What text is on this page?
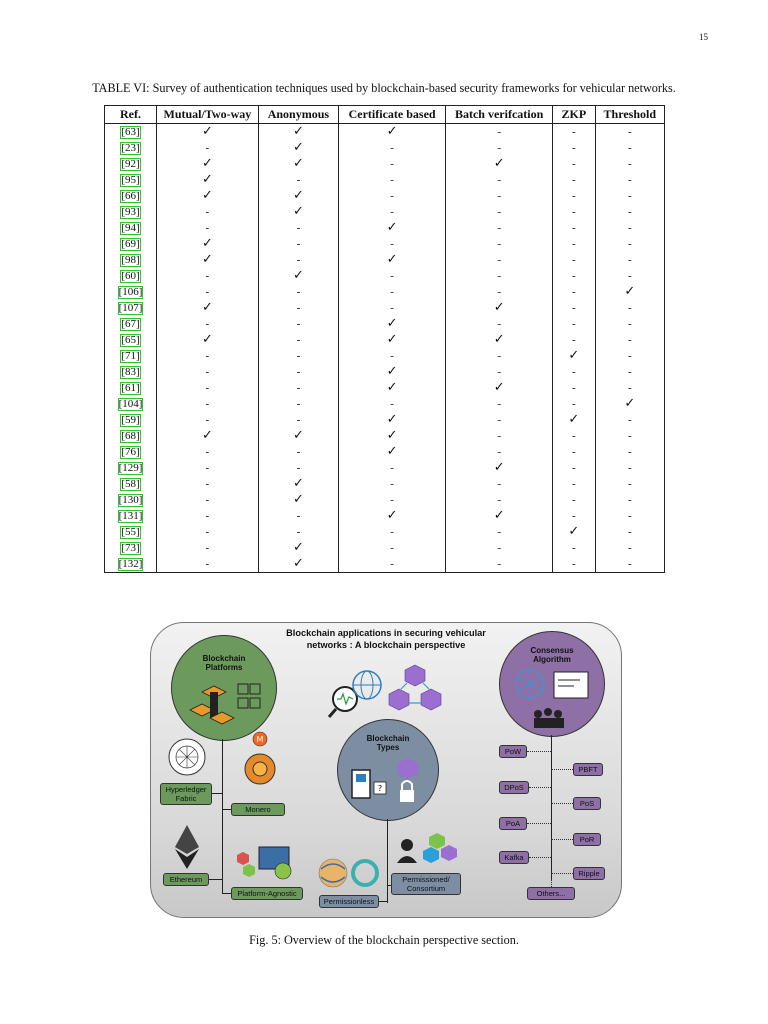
15
TABLE VI: Survey of authentication techniques used by blockchain-based security frameworks for vehicular networks.
Ref.	Mutual/Two-way	Anonymous	Certificate based	Batch verifcation	ZKP	Threshold
[63]	✓	✓	✓	-	-	-
[23]	-	✓	-	-	-	-
[92]	✓	✓	-	✓	-	-
[95]	✓	-	-	-	-	-
[66]	✓	✓	-	-	-	-
[93]	-	✓	-	-	-	-
[94]	-	-	✓	-	-	-
[69]	✓	-	-	-	-	-
[98]	✓	-	✓	-	-	-
[60]	-	✓	-	-	-	-
[106]	-	-	-	-	-	✓
[107]	✓	-	-	✓	-	-
[67]	-	-	✓	-	-	-
[65]	✓	-	✓	✓	-	-
[71]	-	-	-	-	✓	-
[83]	-	-	✓	-	-	-
[61]	-	-	✓	✓	-	-
[104]	-	-	-	-	-	✓
[59]	-	-	✓	-	✓	-
[68]	✓	✓	✓	-	-	-
[76]	-	-	✓	-	-	-
[129]	-	-	-	✓	-	-
[58]	-	✓	-	-	-	-
[130]	-	✓	-	-	-	-
[131]	-	-	✓	✓	-	-
[55]	-	-	-	-	✓	-
[73]	-	✓	-	-	-	-
[132]	-	✓	-	-	-	-
Blockchain applications in securing vehicular networks : A blockchain perspective
Blockchain Platforms
Hyperledger Fabric
M
Monero
Ethereum
Platform-Agnostic
Blockchain Types
?
Permissioned/ Consortium
Permissionless
Consensus Algorithm
PoW
PBFT
DPoS
PoS
PoA
PoR
Kafka
Ripple
Others...
Fig. 5: Overview of the blockchain perspective section.
